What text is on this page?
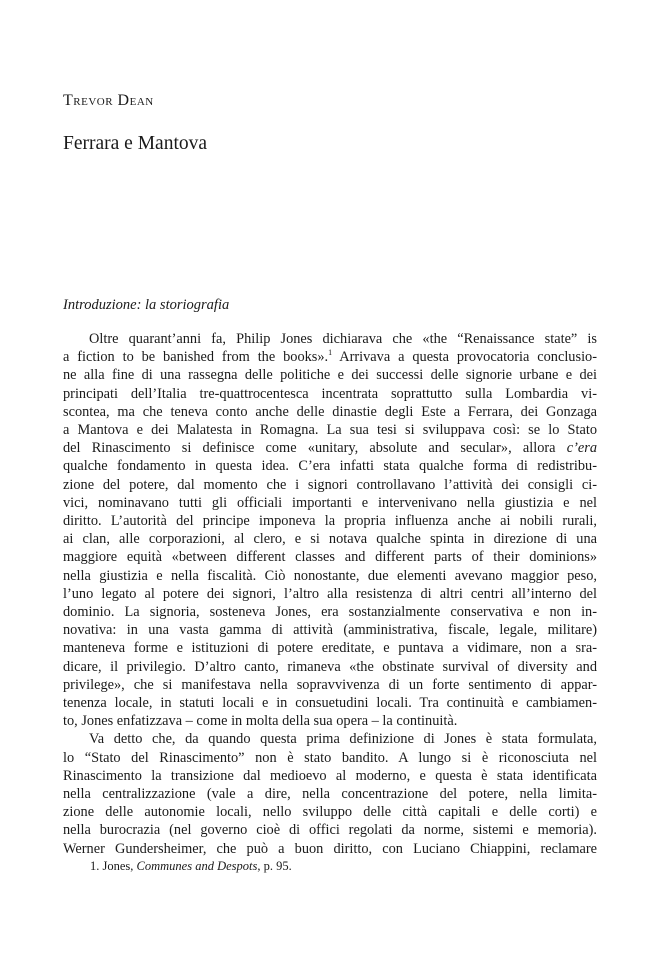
Trevor Dean
Ferrara e Mantova
Introduzione: la storiografia
Oltre quarant’anni fa, Philip Jones dichiarava che «the “Renaissance state” is
a fiction to be banished from the books».$^1$ Arrivava a questa provocatoria conclusio-
ne alla fine di una rassegna delle politiche e dei successi delle signorie urbane e dei
principati dell’Italia tre-quattrocentesca incentrata soprattutto sulla Lombardia vi-
scontea, ma che teneva conto anche delle dinastie degli Este a Ferrara, dei Gonzaga
a Mantova e dei Malatesta in Romagna. La sua tesi si sviluppava così: se lo Stato
del Rinascimento si definisce come «unitary, absolute and secular», allora c’era
qualche fondamento in questa idea. C’era infatti stata qualche forma di redistribu-
zione del potere, dal momento che i signori controllavano l’attività dei consigli ci-
vici, nominavano tutti gli officiali importanti e intervenivano nella giustizia e nel
diritto. L’autorità del principe imponeva la propria influenza anche ai nobili rurali,
ai clan, alle corporazioni, al clero, e si notava qualche spinta in direzione di una
maggiore equità «between different classes and different parts of their dominions»
nella giustizia e nella fiscalità. Ciò nonostante, due elementi avevano maggior peso,
l’uno legato al potere dei signori, l’altro alla resistenza di altri centri all’interno del
dominio. La signoria, sosteneva Jones, era sostanzialmente conservativa e non in-
novativa: in una vasta gamma di attività (amministrativa, fiscale, legale, militare)
manteneva forme e istituzioni di potere ereditate, e puntava a vidimare, non a sra-
dicare, il privilegio. D’altro canto, rimaneva «the obstinate survival of diversity and
privilege», che si manifestava nella sopravvivenza di un forte sentimento di appar-
tenenza locale, in statuti locali e in consuetudini locali. Tra continuità e cambiamen-
to, Jones enfatizzava – come in molta della sua opera – la continuità.
Va detto che, da quando questa prima definizione di Jones è stata formulata,
lo “Stato del Rinascimento” non è stato bandito. A lungo si è riconosciuta nel
Rinascimento la transizione dal medioevo al moderno, e questa è stata identificata
nella centralizzazione (vale a dire, nella concentrazione del potere, nella limita-
zione delle autonomie locali, nello sviluppo delle città capitali e delle corti) e
nella burocrazia (nel governo cioè di offici regolati da norme, sistemi e memoria).
Werner Gundersheimer, che può a buon diritto, con Luciano Chiappini, reclamare

1. Jones, Communes and Despots, p. 95.
